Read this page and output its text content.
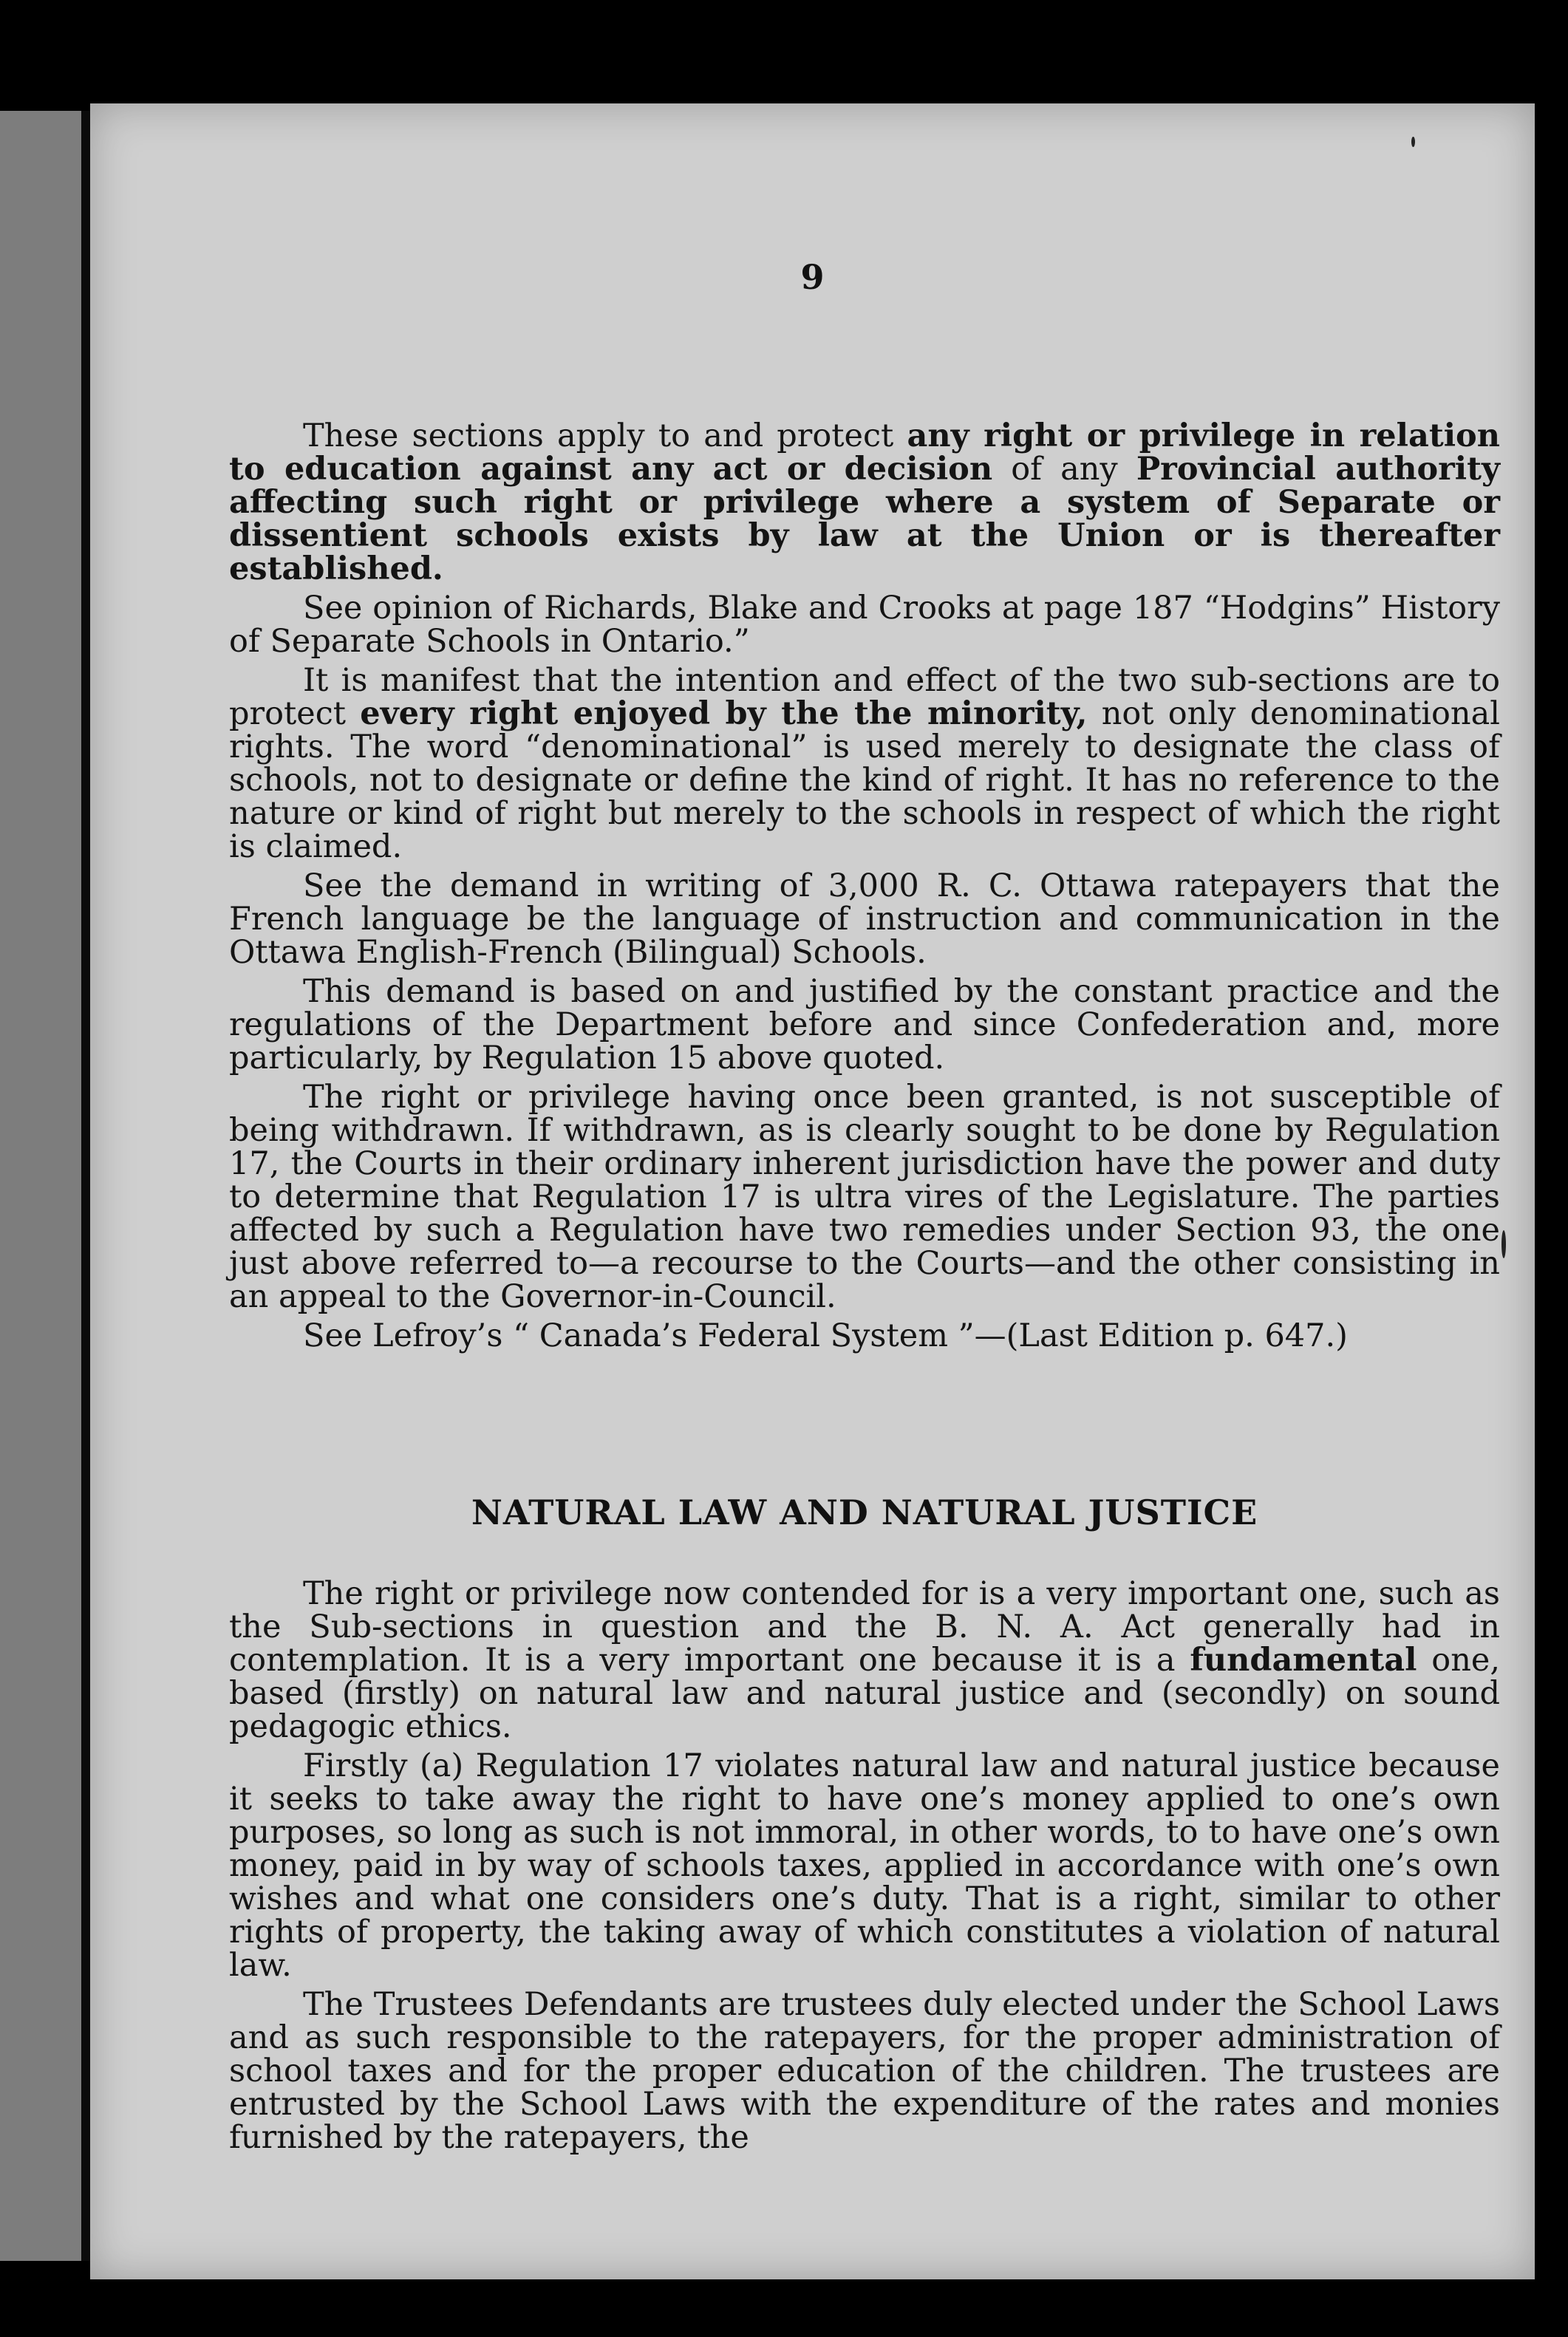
9

These sections apply to and protect any right or privilege in relation to education against any act or decision of any Provincial authority affecting such right or privilege where a system of Separate or dissentient schools exists by law at the Union or is thereafter established.

See opinion of Richards, Blake and Crooks at page 187 “Hodgins” History of Separate Schools in Ontario.”

It is manifest that the intention and effect of the two sub-sections are to protect every right enjoyed by the the minority, not only denominational rights. The word “denominational” is used merely to designate the class of schools, not to designate or define the kind of right. It has no reference to the nature or kind of right but merely to the schools in respect of which the right is claimed.

See the demand in writing of 3,000 R. C. Ottawa ratepayers that the French language be the language of instruction and communication in the Ottawa English-French (Bilingual) Schools.

This demand is based on and justified by the constant practice and the regulations of the Department before and since Confederation and, more particularly, by Regulation 15 above quoted.

The right or privilege having once been granted, is not susceptible of being withdrawn. If withdrawn, as is clearly sought to be done by Regulation 17, the Courts in their ordinary inherent jurisdiction have the power and duty to determine that Regulation 17 is ultra vires of the Legislature. The parties affected by such a Regulation have two remedies under Section 93, the one just above referred to—a recourse to the Courts—and the other consisting in an appeal to the Governor-in-Council.

See Lefroy’s “ Canada’s Federal System ”—(Last Edition p. 647.)

NATURAL LAW AND NATURAL JUSTICE

The right or privilege now contended for is a very important one, such as the Sub-sections in question and the B. N. A. Act generally had in contemplation. It is a very important one because it is a fundamental one, based (firstly) on natural law and natural justice and (secondly) on sound pedagogic ethics.

Firstly (a) Regulation 17 violates natural law and natural justice because it seeks to take away the right to have one’s money applied to one’s own purposes, so long as such is not immoral, in other words, to to have one’s own money, paid in by way of schools taxes, applied in accordance with one’s own wishes and what one considers one’s duty. That is a right, similar to other rights of property, the taking away of which constitutes a violation of natural law.

The Trustees Defendants are trustees duly elected under the School Laws and as such responsible to the ratepayers, for the proper administration of school taxes and for the proper education of the children. The trustees are entrusted by the School Laws with the expenditure of the rates and monies furnished by the ratepayers, the
